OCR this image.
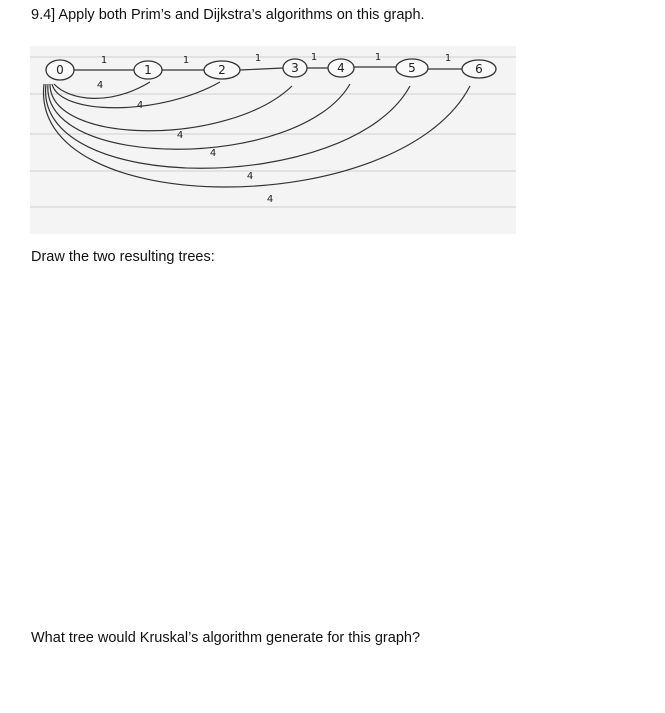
9.4] Apply both Prim’s and Dijkstra’s algorithms on this graph.
0	1	2	3	4	5	6
1	1	1	1	1	1
4
4
4
4
4
4
Draw the two resulting trees:
What tree would Kruskal’s algorithm generate for this graph?
